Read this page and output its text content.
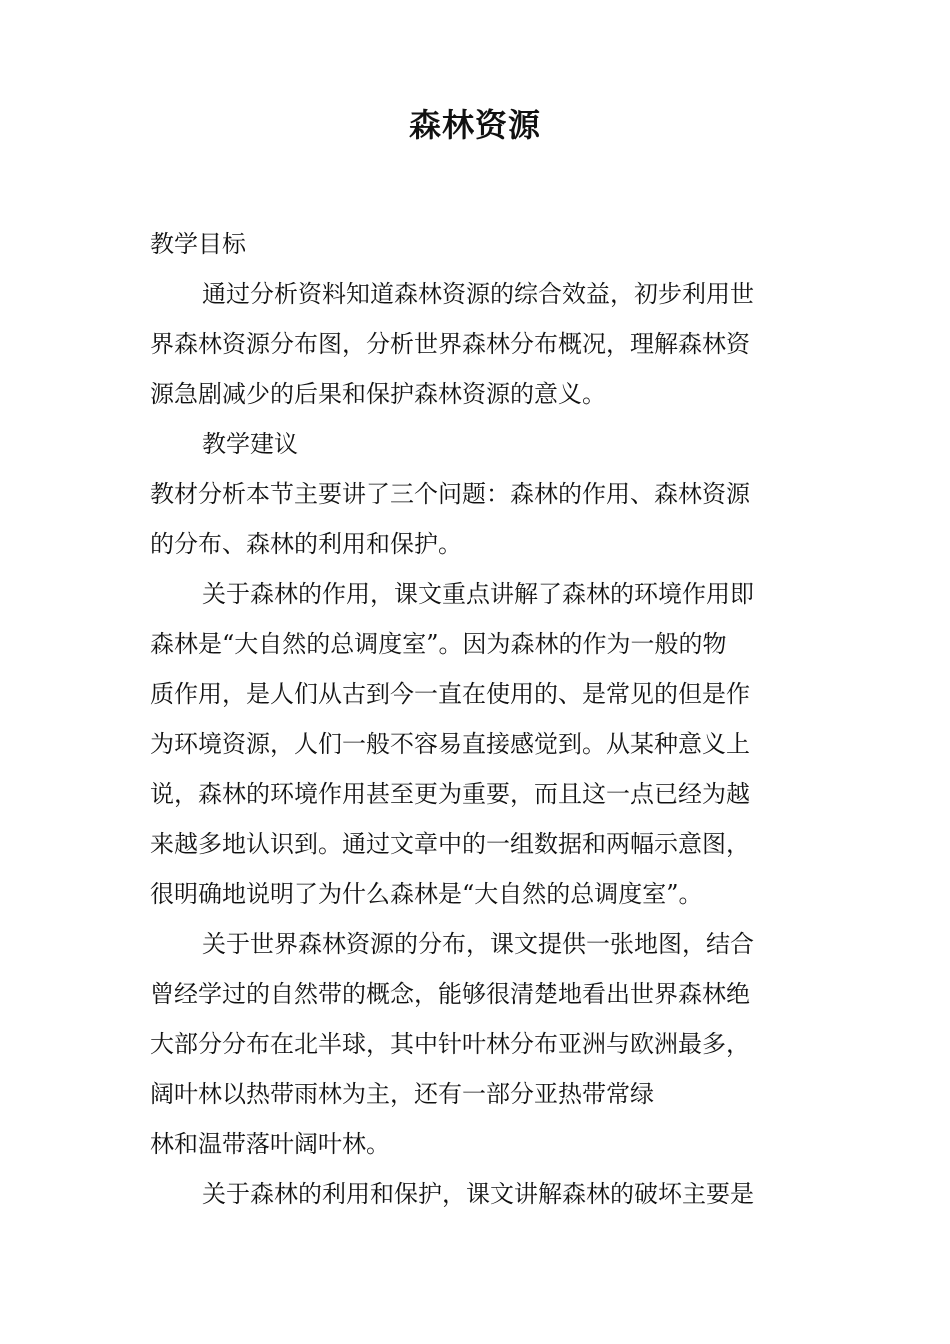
森林资源
教学目标
通过分析资料知道森林资源的综合效益，初步利用世
界森林资源分布图，分析世界森林分布概况，理解森林资
源急剧减少的后果和保护森林资源的意义。
教学建议
教材分析本节主要讲了三个问题：森林的作用、森林资源
的分布、森林的利用和保护。
关于森林的作用，课文重点讲解了森林的环境作用即
森林是“大自然的总调度室”。因为森林的作为一般的物
质作用，是人们从古到今一直在使用的、是常见的但是作
为环境资源，人们一般不容易直接感觉到。从某种意义上
说，森林的环境作用甚至更为重要，而且这一点已经为越
来越多地认识到。通过文章中的一组数据和两幅示意图，
很明确地说明了为什么森林是“大自然的总调度室”。
关于世界森林资源的分布，课文提供一张地图，结合
曾经学过的自然带的概念，能够很清楚地看出世界森林绝
大部分分布在北半球，其中针叶林分布亚洲与欧洲最多，
阔叶林以热带雨林为主，还有一部分亚热带常绿
林和温带落叶阔叶林。
关于森林的利用和保护，课文讲解森林的破坏主要是
